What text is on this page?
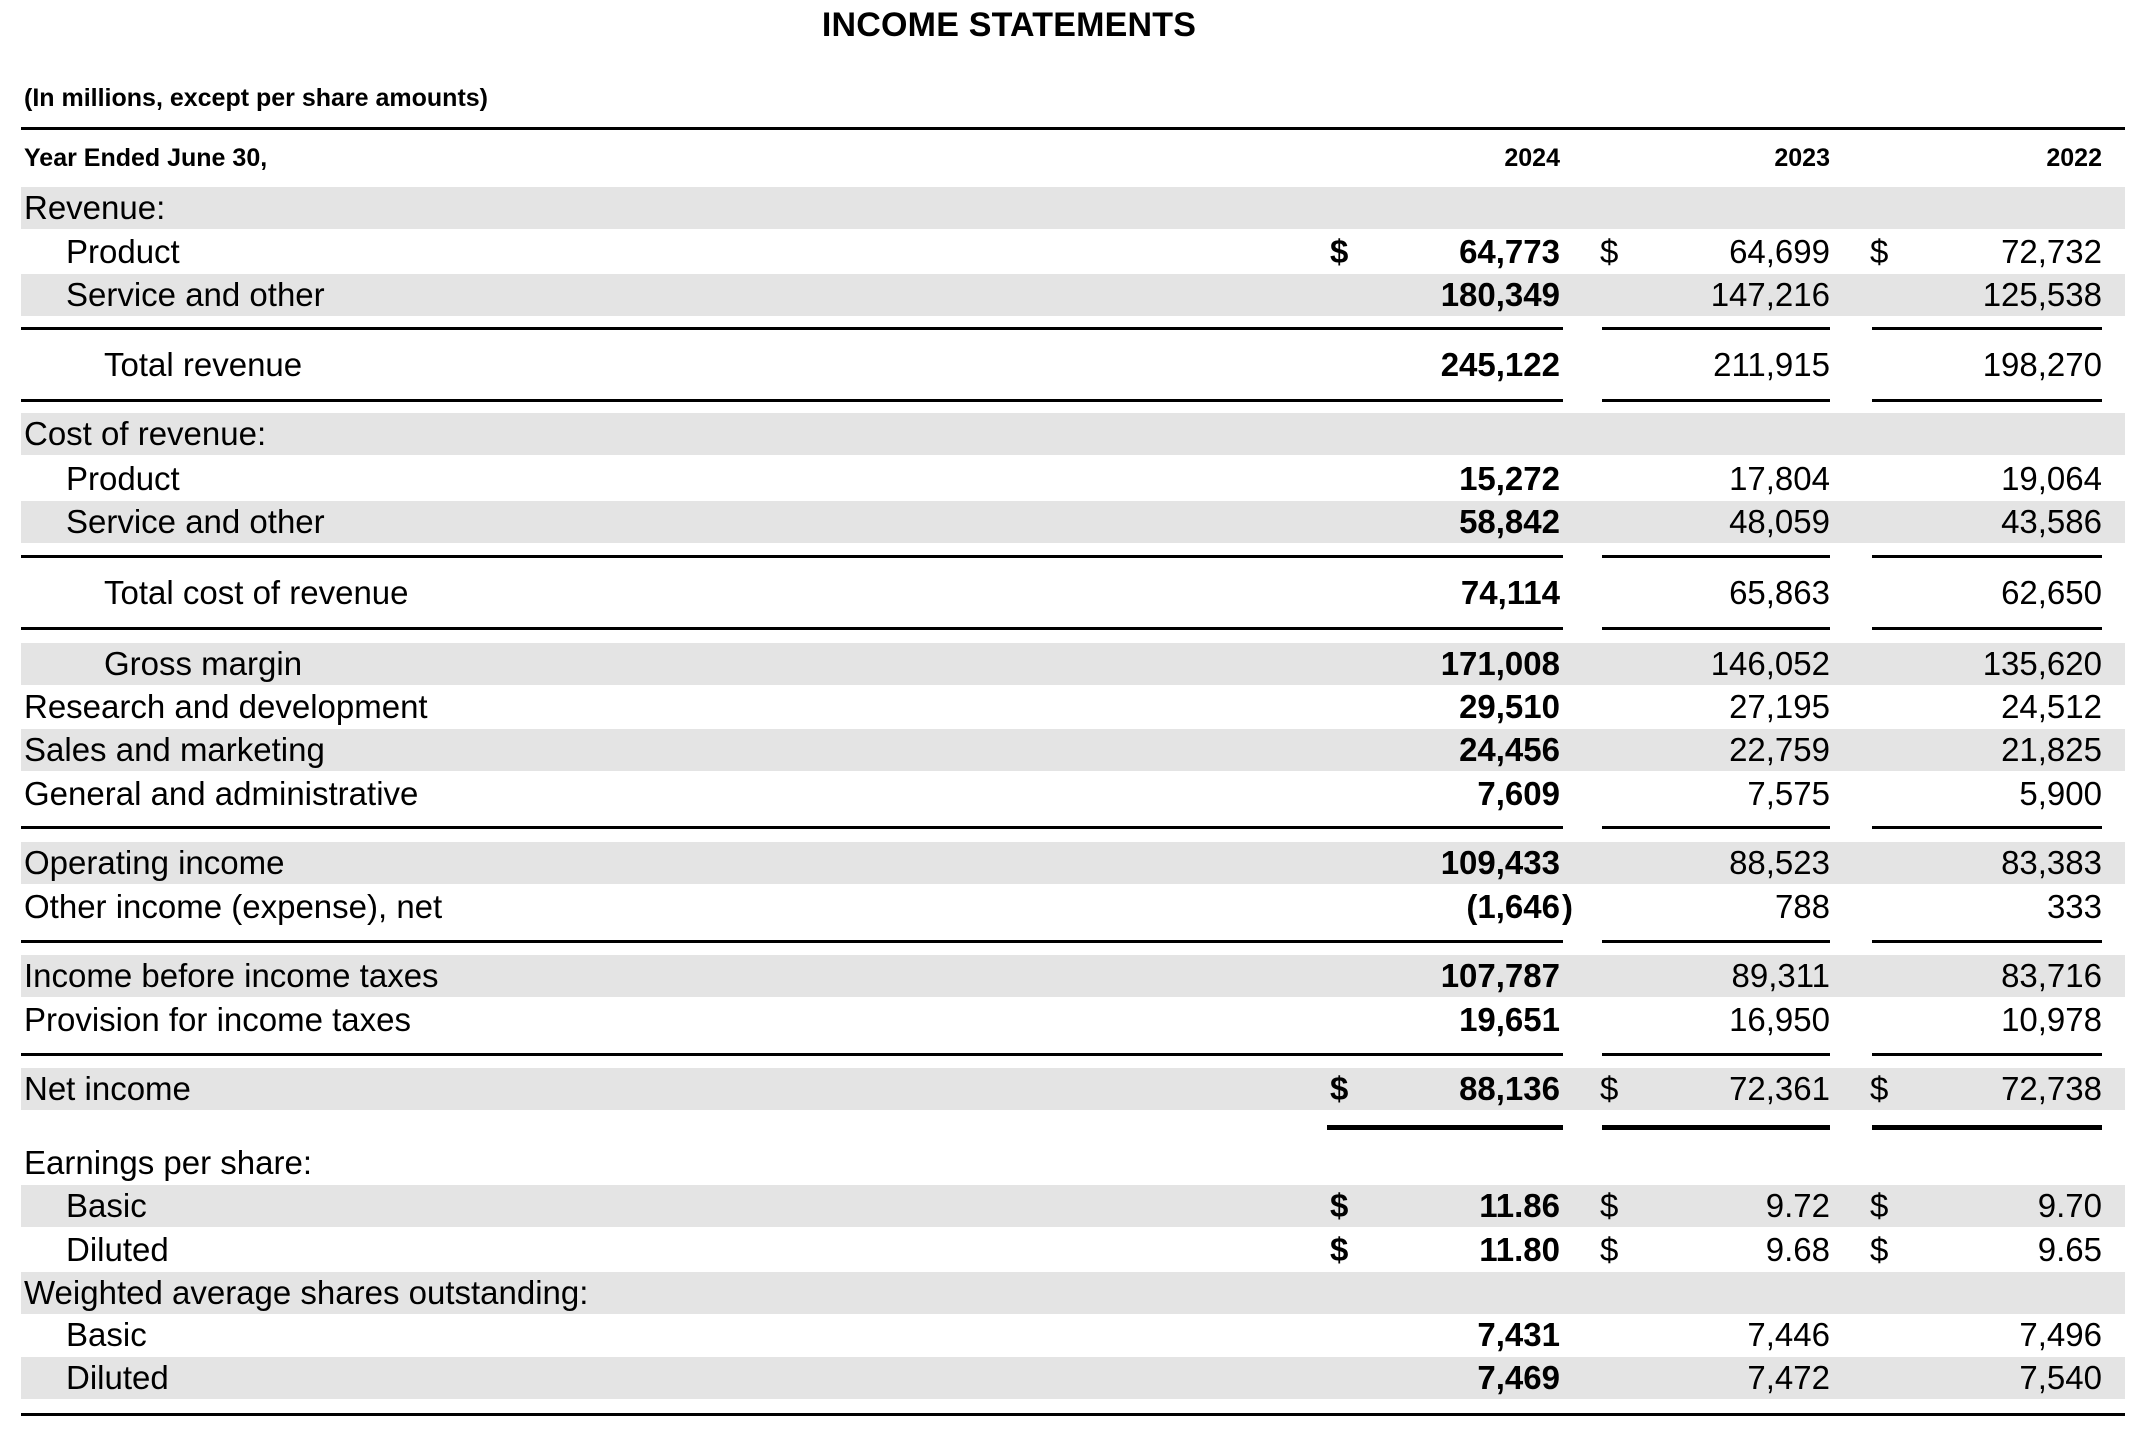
INCOME STATEMENTS
(In millions, except per share amounts)
Year Ended June 30,	2024	2023	2022
Revenue:
Product	$	64,773 $	64,699 $	72,732
Service and other	180,349	147,216	125,538
Total revenue	245,122	211,915	198,270
Cost of revenue:
Product	15,272	17,804	19,064
Service and other	58,842	48,059	43,586
Total cost of revenue	74,114	65,863	62,650
Gross margin	171,008	146,052	135,620
Research and development	29,510	27,195	24,512
Sales and marketing	24,456	22,759	21,825
General and administrative	7,609	7,575	5,900
Operating income	109,433	88,523	83,383
Other income (expense), net	(1,646 )	788	333
Income before income taxes	107,787	89,311	83,716
Provision for income taxes	19,651	16,950	10,978
Net income	$	88,136 $	72,361 $	72,738
Earnings per share:
Basic	$	11.86 $	9.72 $	9.70
Diluted	$	11.80 $	9.68 $	9.65
Weighted average shares outstanding:
Basic	7,431	7,446	7,496
Diluted	7,469	7,472	7,540
